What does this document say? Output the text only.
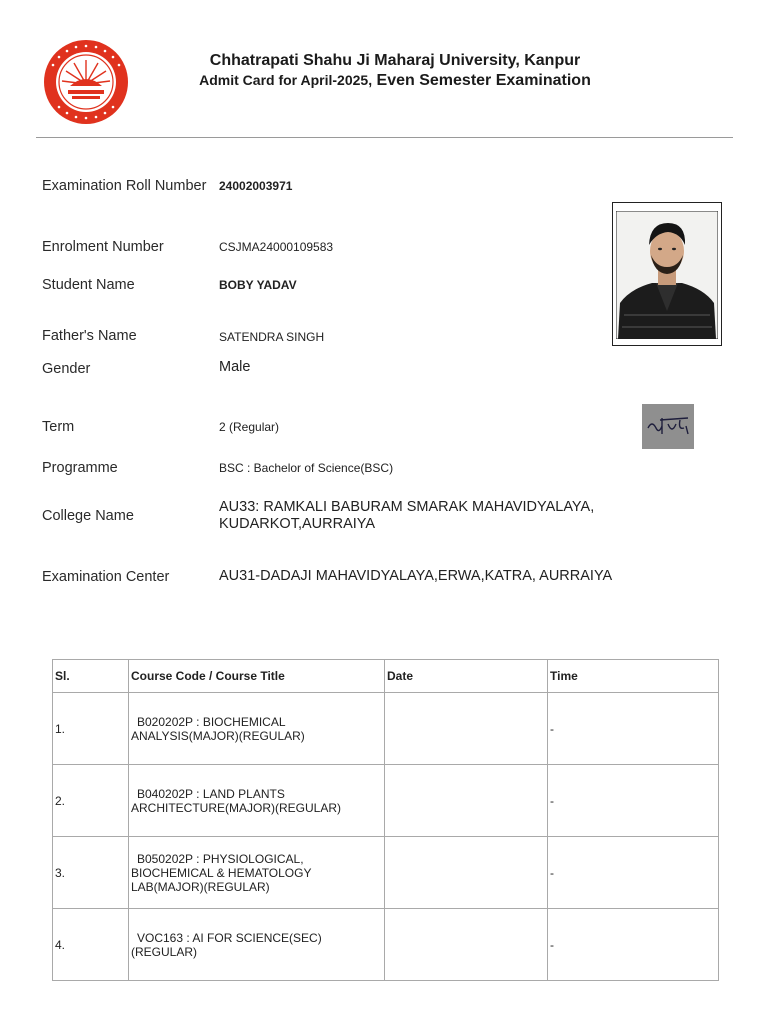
Chhatrapati Shahu Ji Maharaj University, Kanpur
Admit Card for April-2025, Even Semester Examination
Examination Roll Number 24002003971
Enrolment Number	CSJMA24000109583
Student Name	BOBY YADAV
Father's Name	SATENDRA SINGH
Gender	Male
Term	2 (Regular)
Programme	BSC : Bachelor of Science(BSC)
College Name
AU33: RAMKALI BABURAM SMARAK MAHAVIDYALAYA,
KUDARKOT,AURRAIYA
Examination Center	AU31-DADAJI MAHAVIDYALAYA,ERWA,KATRA, AURRAIYA
Sl.	Course Code / Course Title	Date	Time
1.	B020202P : BIOCHEMICAL
ANALYSIS(MAJOR)(REGULAR)		-
2.	B040202P : LAND PLANTS
ARCHITECTURE(MAJOR)(REGULAR)		-
3.	B050202P : PHYSIOLOGICAL,
BIOCHEMICAL & HEMATOLOGY
LAB(MAJOR)(REGULAR)		-
4.	VOC163 : AI FOR SCIENCE(SEC)
(REGULAR)		-
